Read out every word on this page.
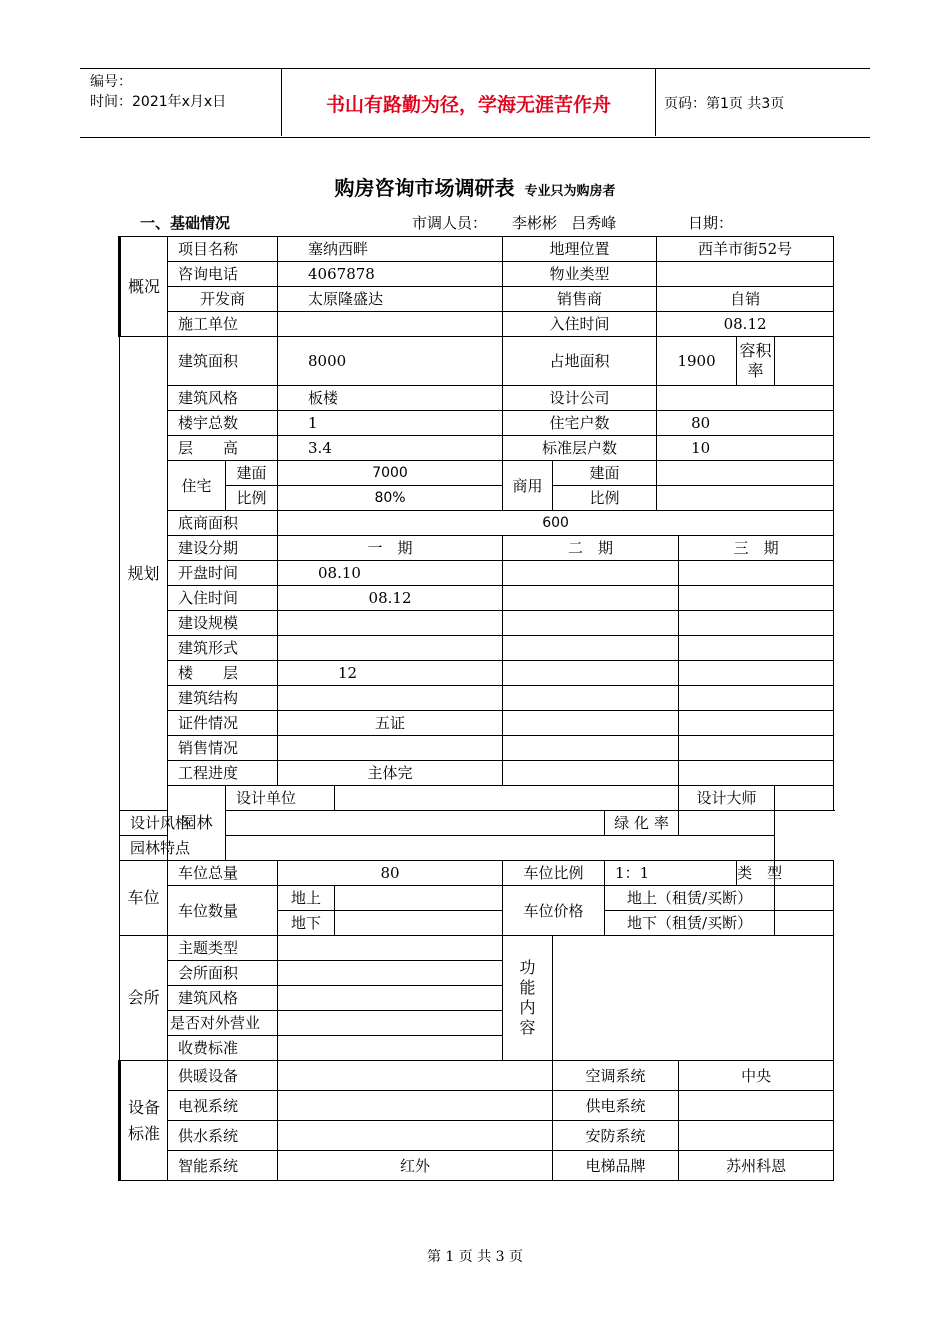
编号：
时间：2021年x月x日	书山有路勤为径，学海无涯苦作舟	页码：第1页 共3页
购房咨询市场调研表 专业只为购房者
一、基础情况	市调人员： 李彬彬   吕秀峰	日期：
概况	项目名称		塞纳西畔		地理位置			西羊市街52号			
	咨询电话		4067878		物业类型						
	开发商		太原隆盛达		销售商			自销			
	施工单位				入住时间			08.12			
规划	建筑面积		8000		占地面积			1900		容积率	
	建筑风格		板楼		设计公司						
	楼宇总数		1		住宅户数			80			
	层　　高		3.4		标准层户数			10			
	住宅	建面	7000		商用	建面					
		比例	80%			比例					
	底商面积		600								
	建设分期		一　期		二　期				三　期		
	开盘时间		08.10								
	入住时间		08.12								
	建设规模										
	建筑形式										
	楼　　层		12								
	建筑结构										
	证件情况		五证								
	销售情况										
	工程进度		主体完								
	园林	设计单位							设计大师		
设计风格							绿 化 率				
园林特点											
车位	车位总量		80		车位比例		1：1			类　型	
	车位数量		地上		车位价格		地上（租赁/买断）				
			地下				地下（租赁/买断）				
会所	主题类型				功能内容						
	会所面积										
	建筑风格										
	是否对外营业										
	收费标准										
设备标准	供暖设备					空调系统			中央		
	电视系统					供电系统					
	供水系统					安防系统					
	智能系统		红外			电梯品牌			苏州科恩		
第 1 页 共 3 页
